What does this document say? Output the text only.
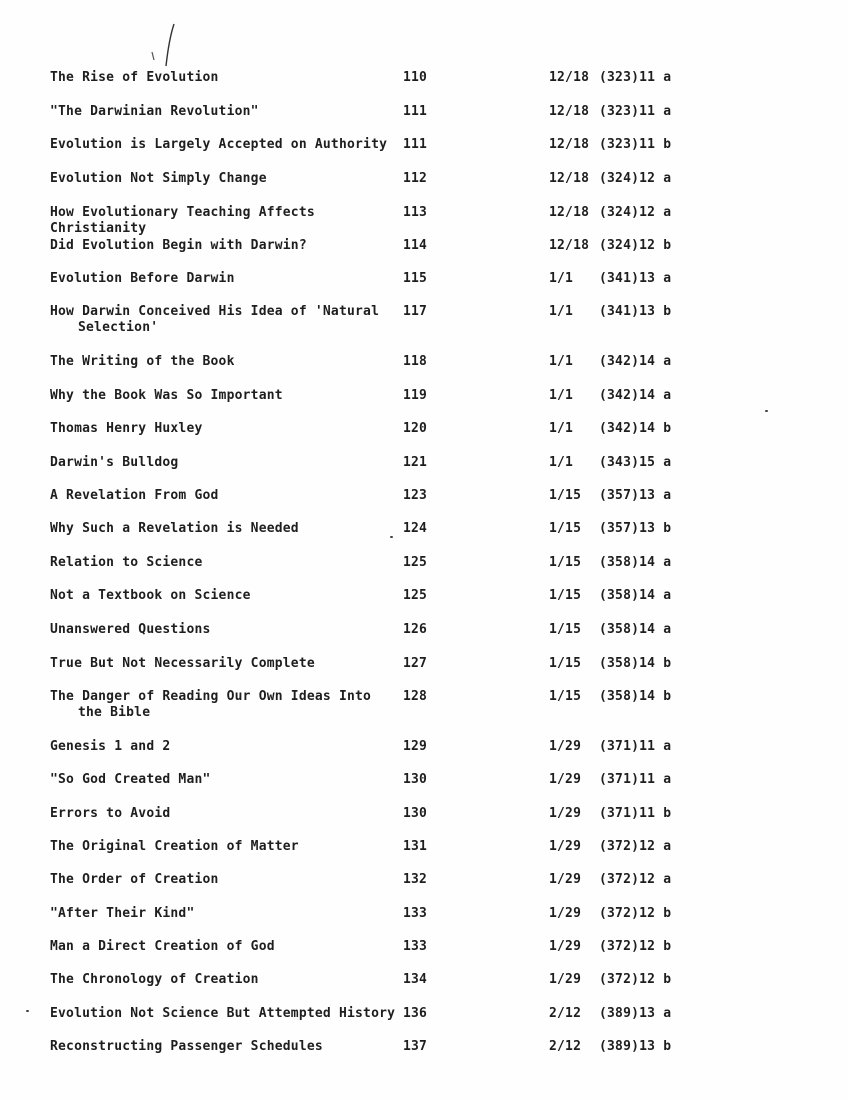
The Rise of Evolution	110	12/18 (323)11 a
"The Darwinian Revolution"	111	12/18 (323)11 a
Evolution is Largely Accepted on Authority	111	12/18 (323)11 b
Evolution Not Simply Change	112	12/18 (324)12 a
How Evolutionary Teaching Affects Christianity
113	12/18 (324)12 a
Did Evolution Begin with Darwin?	114	12/18 (324)12 b
Evolution Before Darwin	115	1/1	(341)13 a
How Darwin Conceived His Idea of 'Natural
Selection'
117	1/1	(341)13 b
The Writing of the Book	118	1/1	(342)14 a
Why the Book Was So Important	119	1/1	(342)14 a
Thomas Henry Huxley	120	1/1	(342)14 b
Darwin's Bulldog	121	1/1	(343)15 a
A Revelation From God	123	1/15	(357)13 a
Why Such a Revelation is Needed	124	1/15	(357)13 b
Relation to Science	125	1/15	(358)14 a
Not a Textbook on Science	125	1/15	(358)14 a
Unanswered Questions	126	1/15	(358)14 a
True But Not Necessarily Complete	127	1/15	(358)14 b
The Danger of Reading Our Own Ideas Into
the Bible
128	1/15	(358)14 b
Genesis 1 and 2	129	1/29	(371)11 a
"So God Created Man"	130	1/29	(371)11 a
Errors to Avoid	130	1/29	(371)11 b
The Original Creation of Matter	131	1/29	(372)12 a
The Order of Creation	132	1/29	(372)12 a
"After Their Kind"	133	1/29	(372)12 b
Man a Direct Creation of God	133	1/29	(372)12 b
The Chronology of Creation	134	1/29	(372)12 b
Evolution Not Science But Attempted History 136	2/12	(389)13 a
Reconstructing Passenger Schedules	137	2/12	(389)13 b
